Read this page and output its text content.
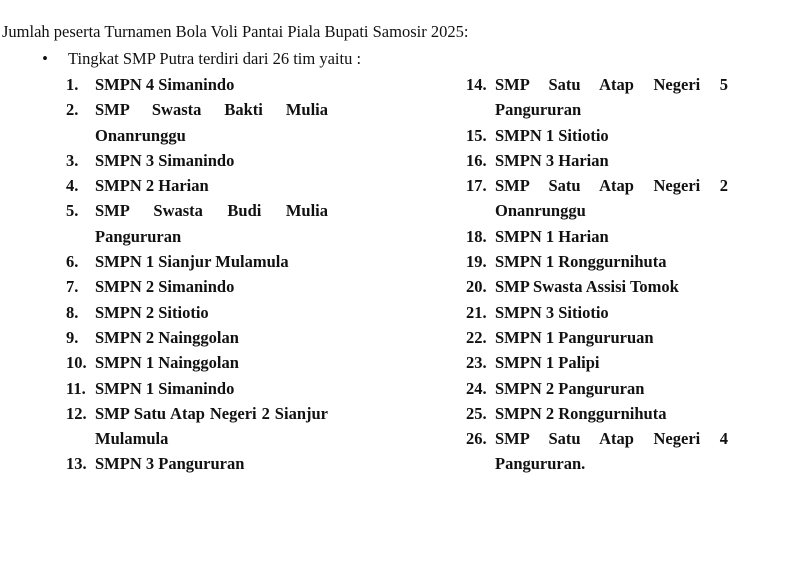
Jumlah peserta Turnamen Bola Voli Pantai Piala Bupati Samosir 2025:
•	Tingkat SMP Putra terdiri dari 26 tim yaitu :
1.	SMPN 4 Simanindo
2.	SMP Swasta Bakti Mulia Onanrunggu
3.	SMPN 3 Simanindo
4.	SMPN 2 Harian
5.	SMP Swasta Budi Mulia Pangururan
6.	SMPN 1 Sianjur Mulamula
7.	SMPN 2 Simanindo
8.	SMPN 2 Sitiotio
9.	SMPN 2 Nainggolan
10. SMPN 1 Nainggolan
11. SMPN 1 Simanindo
12. SMP Satu Atap Negeri 2 Sianjur Mulamula
13. SMPN 3 Pangururan
14. SMP Satu Atap Negeri 5 Pangururan
15. SMPN 1 Sitiotio
16. SMPN 3 Harian
17. SMP Satu Atap Negeri 2 Onanrunggu
18. SMPN 1 Harian
19. SMPN 1 Ronggurnihuta
20. SMP Swasta Assisi Tomok
21. SMPN 3 Sitiotio
22. SMPN 1 Pangururuan
23. SMPN 1 Palipi
24. SMPN 2 Pangururan
25. SMPN 2 Ronggurnihuta
26. SMP Satu Atap Negeri 4 Pangururan.
